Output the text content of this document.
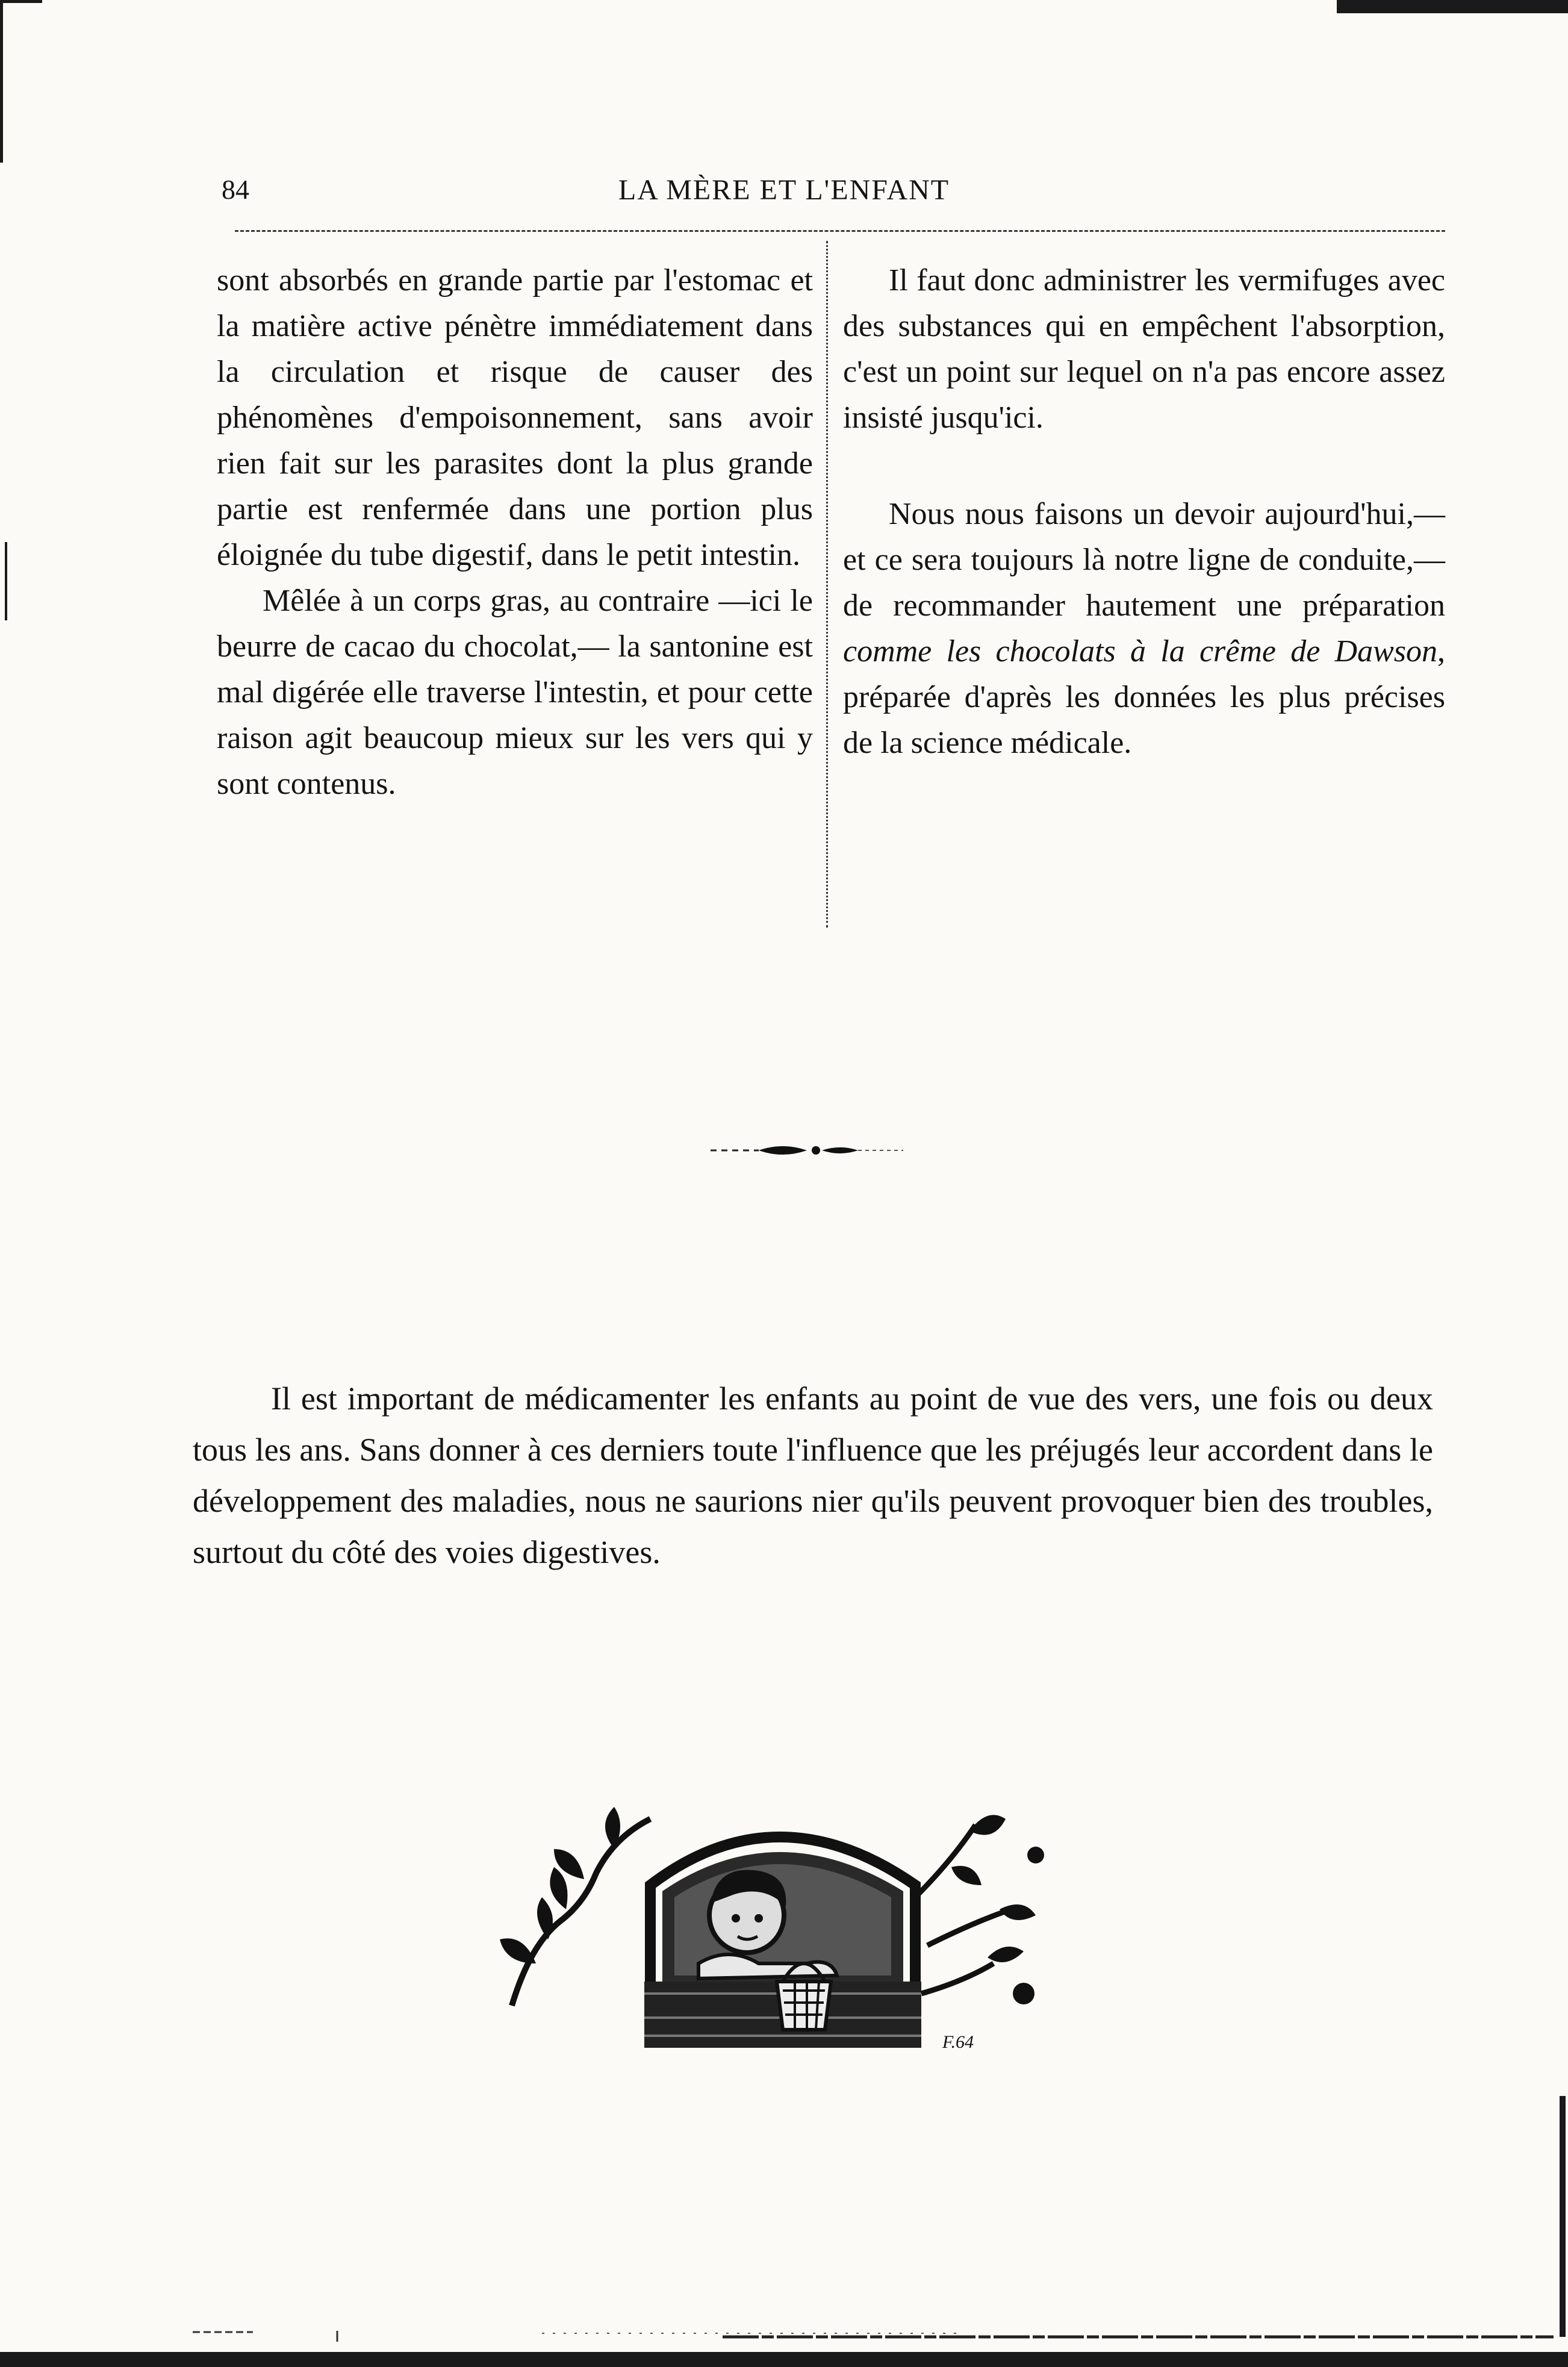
84	LA MÈRE ET L'ENFANT

sont absorbés en grande partie par l'estomac et la matière active pénètre immédiatement dans la circulation et risque de causer des phénomènes d'empoisonnement, sans avoir rien fait sur les parasites dont la plus grande partie est renfermée dans une portion plus éloignée du tube digestif, dans le petit intestin.

Mêlée à un corps gras, au contraire —ici le beurre de cacao du chocolat,— la santonine est mal digérée elle traverse l'intestin, et pour cette raison agit beaucoup mieux sur les vers qui y sont contenus.

Il faut donc administrer les vermifuges avec des substances qui en empêchent l'absorption, c'est un point sur lequel on n'a pas encore assez insisté jusqu'ici.

Nous nous faisons un devoir aujourd'hui,—et ce sera toujours là notre ligne de conduite,—de recommander hautement une préparation comme les chocolats à la crême de Dawson, préparée d'après les données les plus précises de la science médicale.

Il est important de médicamenter les enfants au point de vue des vers, une fois ou deux tous les ans. Sans donner à ces derniers toute l'influence que les préjugés leur accordent dans le développement des maladies, nous ne saurions nier qu'ils peuvent provoquer bien des troubles, surtout du côté des voies digestives.
F.64
